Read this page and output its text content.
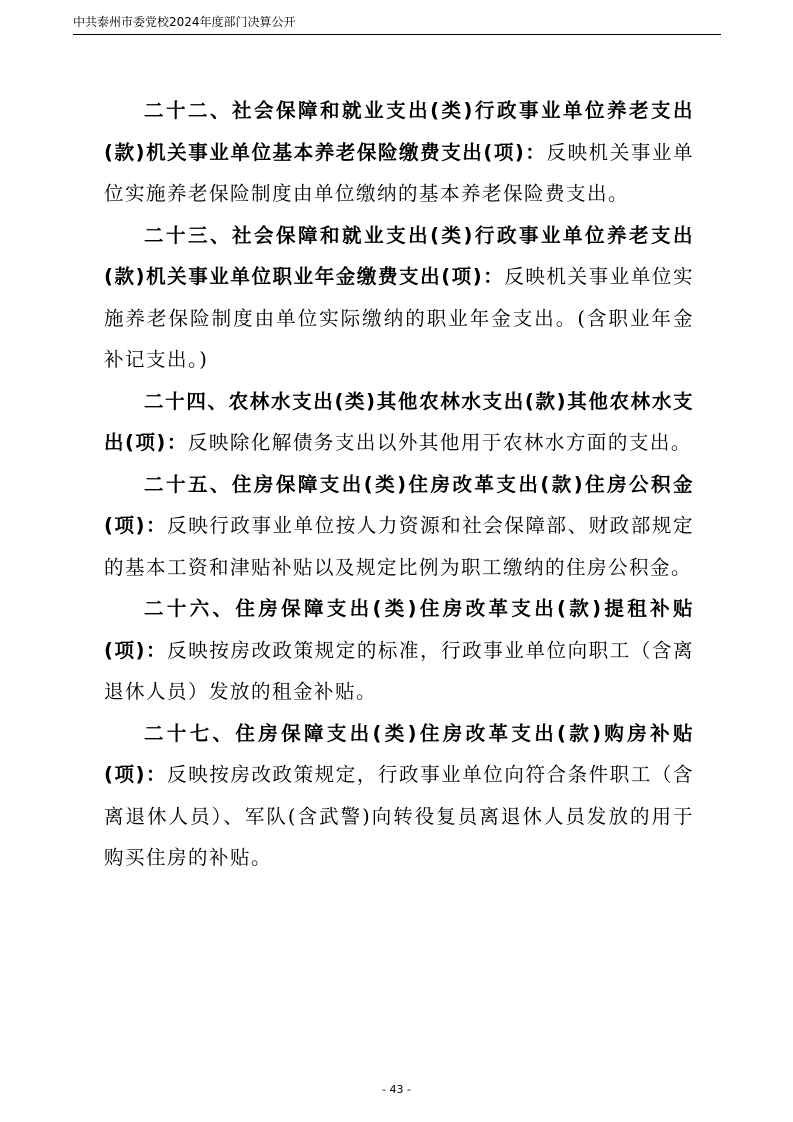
中共泰州市委党校2024年度部门决算公开

二十二、社会保障和就业支出(类)行政事业单位养老支出(款)机关事业单位基本养老保险缴费支出(项)：反映机关事业单位实施养老保险制度由单位缴纳的基本养老保险费支出。

二十三、社会保障和就业支出(类)行政事业单位养老支出(款)机关事业单位职业年金缴费支出(项)：反映机关事业单位实施养老保险制度由单位实际缴纳的职业年金支出。(含职业年金补记支出。)

二十四、农林水支出(类)其他农林水支出(款)其他农林水支出(项)：反映除化解债务支出以外其他用于农林水方面的支出。

二十五、住房保障支出(类)住房改革支出(款)住房公积金(项)：反映行政事业单位按人力资源和社会保障部、财政部规定的基本工资和津贴补贴以及规定比例为职工缴纳的住房公积金。

二十六、住房保障支出(类)住房改革支出(款)提租补贴(项)：反映按房改政策规定的标准，行政事业单位向职工（含离退休人员）发放的租金补贴。

二十七、住房保障支出(类)住房改革支出(款)购房补贴(项)：反映按房改政策规定，行政事业单位向符合条件职工（含离退休人员）、军队(含武警)向转役复员离退休人员发放的用于购买住房的补贴。

- 43 -
